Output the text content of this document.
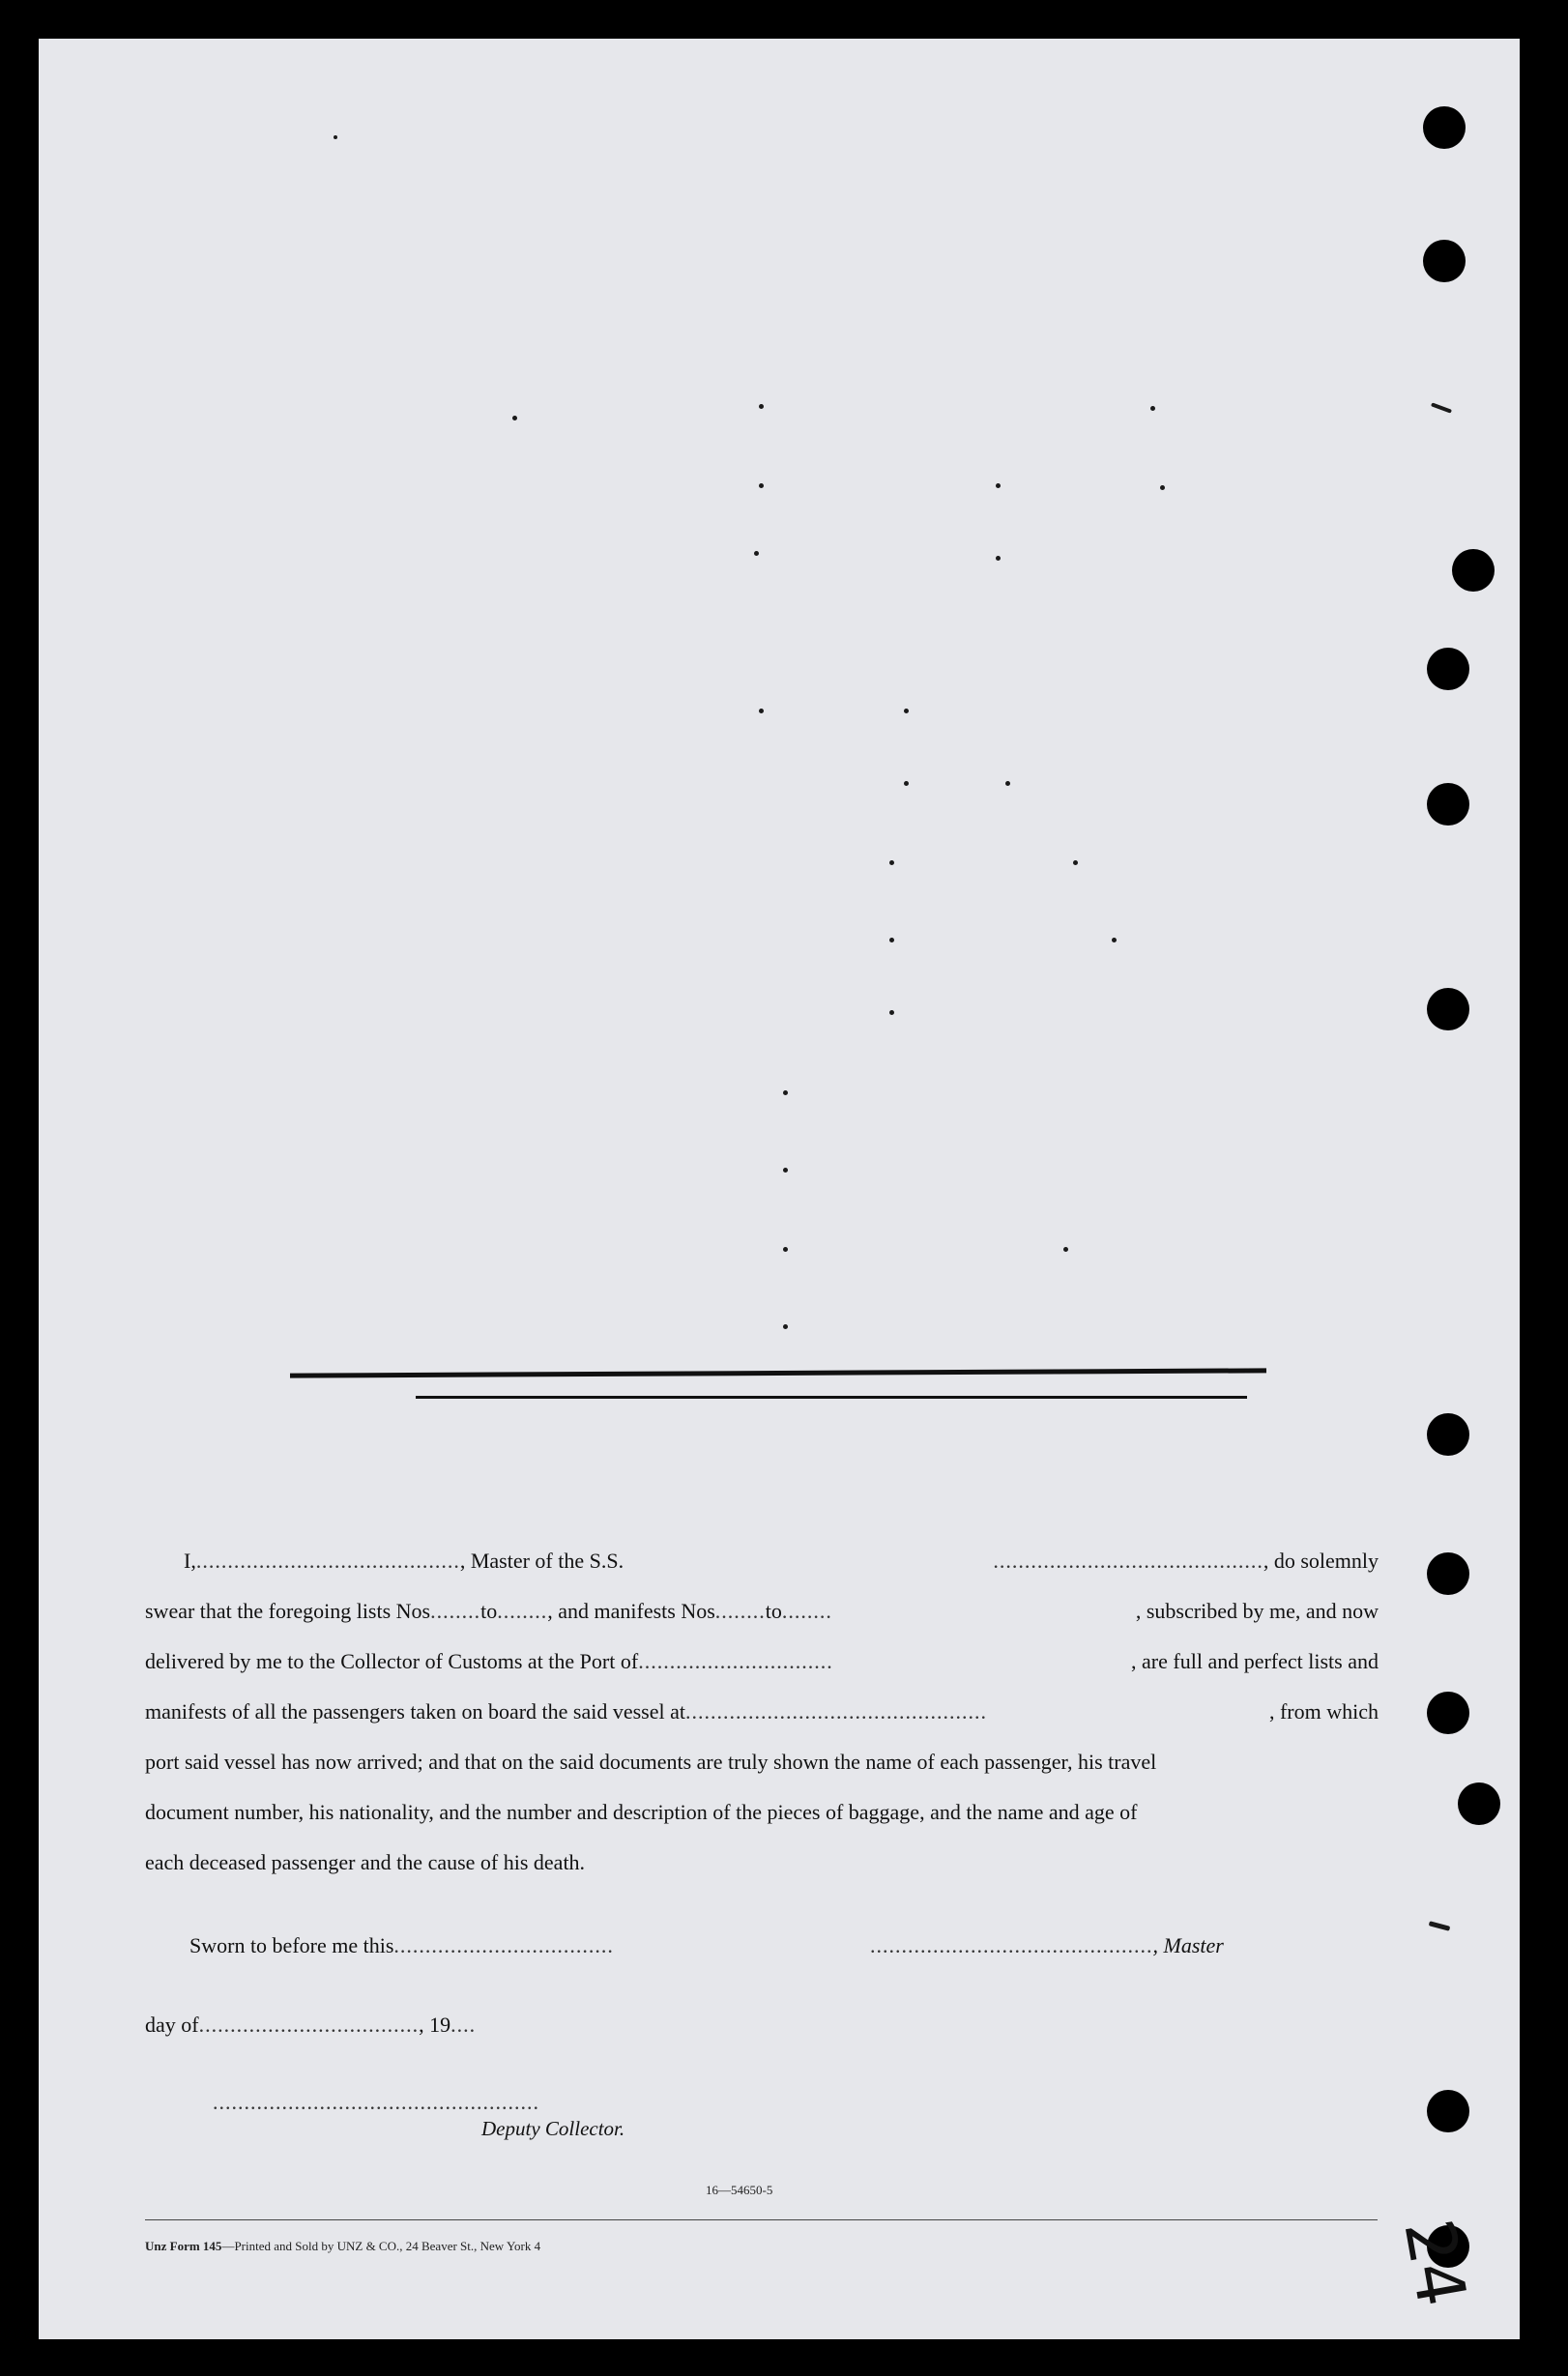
I,.........................................., Master of the S.S.	..........................................., do solemnly
swear that the foregoing lists Nos........to........, and manifests Nos........to........	, subscribed by me, and now
delivered by me to the Collector of Customs at the Port of...............................	, are full and perfect lists and
manifests of all the passengers taken on board the said vessel at................................................	, from which
port said vessel has now arrived; and that on the said documents are truly shown the name of each passenger, his travel
document number, his nationality, and the number and description of the pieces of baggage, and the name and age of
each deceased passenger and the cause of his death.
Sworn to before me this...................................	............................................., Master
day of..................................., 19....
....................................................
Deputy Collector.
16—54650-5
Unz Form 145—Printed and Sold by UNZ & CO., 24 Beaver St., New York 4	24
